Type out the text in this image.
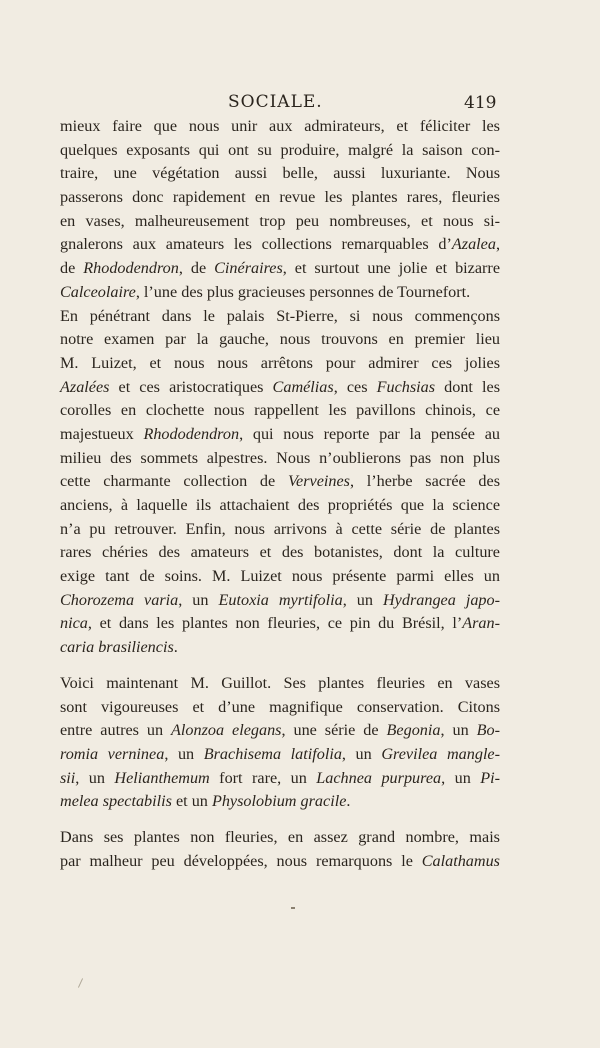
SOCIALE.	419
mieux faire que nous unir aux admirateurs, et féliciter les
quelques exposants qui ont su produire, malgré la saison con-
traire, une végétation aussi belle, aussi luxuriante. Nous
passerons donc rapidement en revue les plantes rares, fleuries
en vases, malheureusement trop peu nombreuses, et nous si-
gnalerons aux amateurs les collections remarquables d’Azalea,
de Rhododendron, de Cinéraires, et surtout une jolie et bizarre
Calceolaire, l’une des plus gracieuses personnes de Tournefort.
En pénétrant dans le palais St-Pierre, si nous commençons
notre examen par la gauche, nous trouvons en premier lieu
M. Luizet, et nous nous arrêtons pour admirer ces jolies
Azalées et ces aristocratiques Camélias, ces Fuchsias dont les
corolles en clochette nous rappellent les pavillons chinois, ce
majestueux Rhododendron, qui nous reporte par la pensée au
milieu des sommets alpestres. Nous n’oublierons pas non plus
cette charmante collection de Verveines, l’herbe sacrée des
anciens, à laquelle ils attachaient des propriétés que la science
n’a pu retrouver. Enfin, nous arrivons à cette série de plantes
rares chéries des amateurs et des botanistes, dont la culture
exige tant de soins. M. Luizet nous présente parmi elles un
Chorozema varia, un Eutoxia myrtifolia, un Hydrangea japo-
nica, et dans les plantes non fleuries, ce pin du Brésil, l’Aran-
caria brasiliencis.
Voici maintenant M. Guillot. Ses plantes fleuries en vases
sont vigoureuses et d’une magnifique conservation. Citons
entre autres un Alonzoa elegans, une série de Begonia, un Bo-
romia vernineа, un Brachisema latifolia, un Grevilea mangle-
sii, un Helianthemum fort rare, un Lachnea purpurea, un Pi-
melea spectabilis et un Physolobium gracile.
Dans ses plantes non fleuries, en assez grand nombre, mais
par malheur peu développées, nous remarquons le Calathamus
